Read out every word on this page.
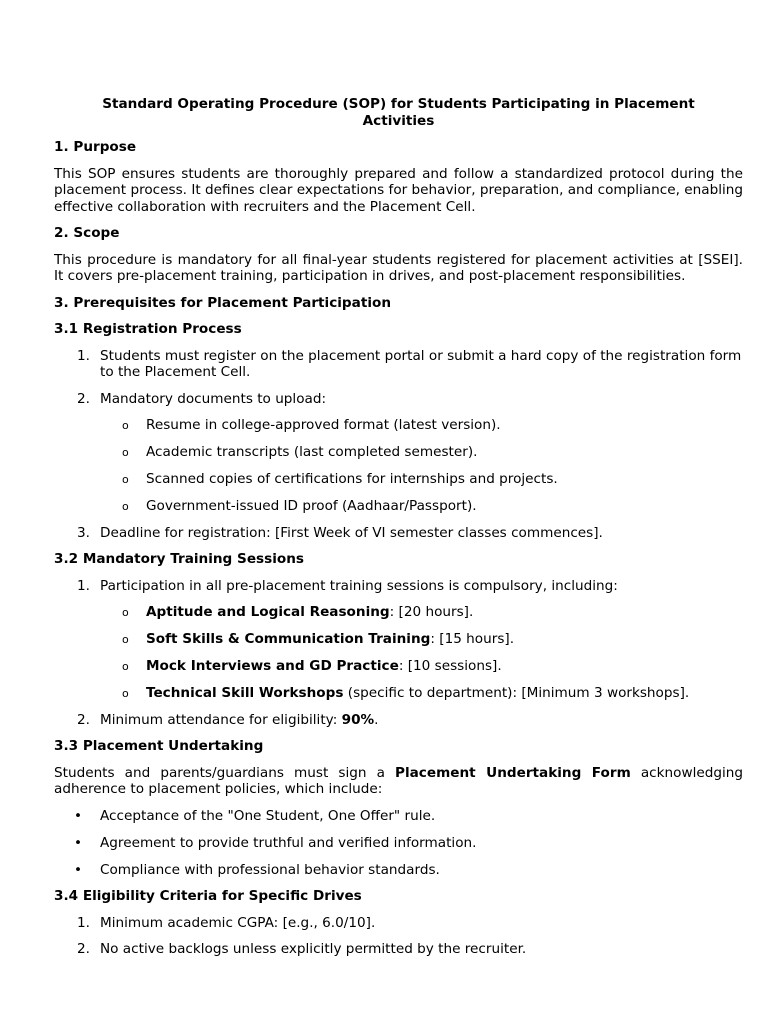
Standard Operating Procedure (SOP) for Students Participating in Placement Activities
1. Purpose

This SOP ensures students are thoroughly prepared and follow a standardized protocol during the placement process. It defines clear expectations for behavior, preparation, and compliance, enabling effective collaboration with recruiters and the Placement Cell.

2. Scope

This procedure is mandatory for all final-year students registered for placement activities at [SSEI]. It covers pre-placement training, participation in drives, and post-placement responsibilities.

3. Prerequisites for Placement Participation
3.1 Registration Process
1. Students must register on the placement portal or submit a hard copy of the registration form to the Placement Cell.
2. Mandatory documents to upload:
o Resume in college-approved format (latest version).
o Academic transcripts (last completed semester).
o Scanned copies of certifications for internships and projects.
o Government-issued ID proof (Aadhaar/Passport).
3. Deadline for registration: [First Week of VI semester classes commences].
3.2 Mandatory Training Sessions
1. Participation in all pre-placement training sessions is compulsory, including:
o Aptitude and Logical Reasoning: [20 hours].
o Soft Skills & Communication Training: [15 hours].
o Mock Interviews and GD Practice: [10 sessions].
o Technical Skill Workshops (specific to department): [Minimum 3 workshops].
2. Minimum attendance for eligibility: 90%.
3.3 Placement Undertaking

Students and parents/guardians must sign a Placement Undertaking Form acknowledging adherence to placement policies, which include:

• Acceptance of the "One Student, One Offer" rule.
• Agreement to provide truthful and verified information.
• Compliance with professional behavior standards.
3.4 Eligibility Criteria for Specific Drives
1. Minimum academic CGPA: [e.g., 6.0/10].
2. No active backlogs unless explicitly permitted by the recruiter.
